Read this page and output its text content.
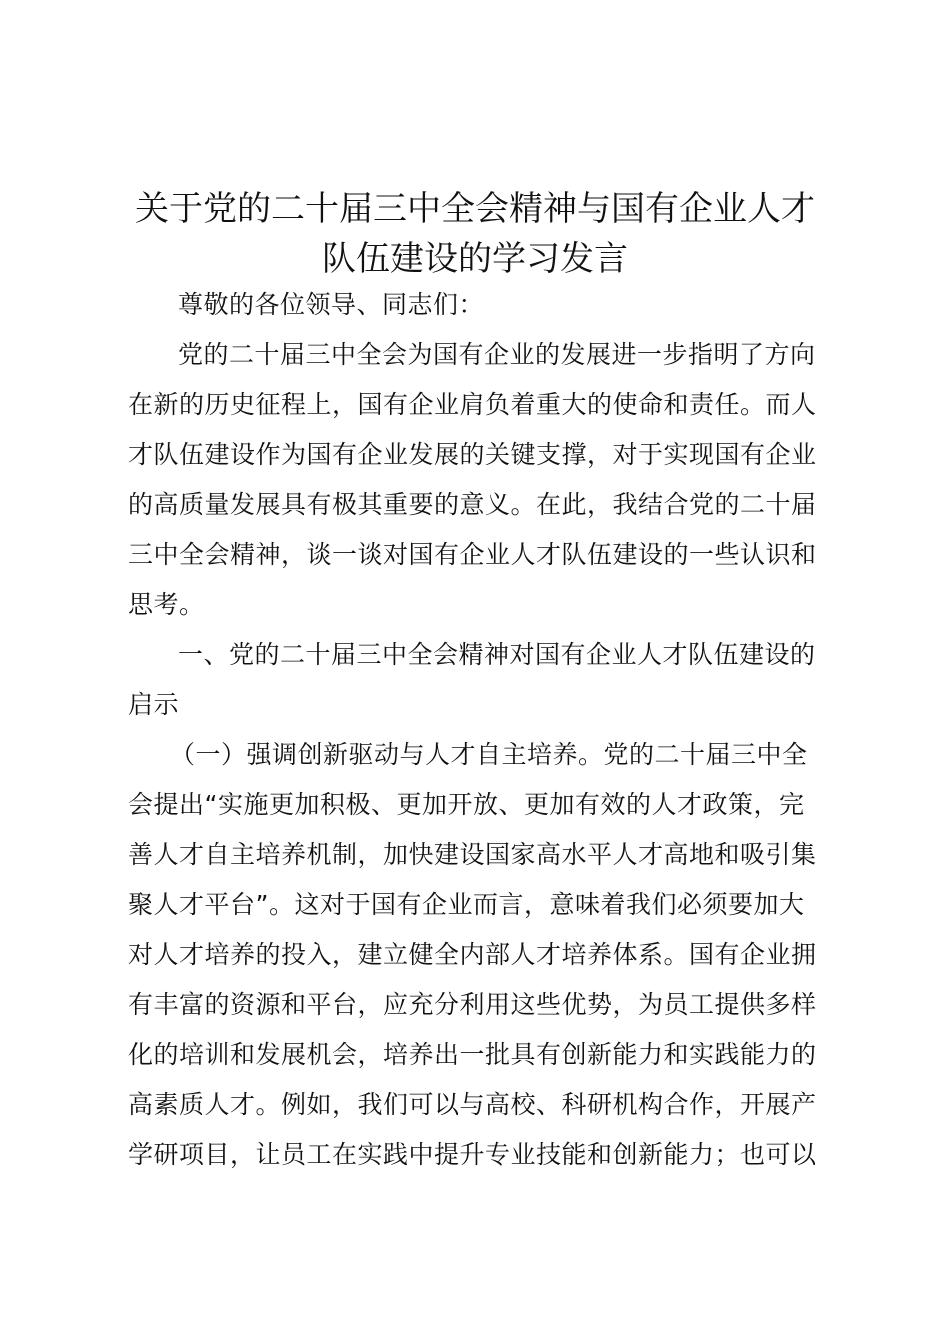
关于党的二十届三中全会精神与国有企业人才
队伍建设的学习发言
尊敬的各位领导、同志们：
党的二十届三中全会为国有企业的发展进一步指明了方向
在新的历史征程上，国有企业肩负着重大的使命和责任。而人
才队伍建设作为国有企业发展的关键支撑，对于实现国有企业
的高质量发展具有极其重要的意义。在此，我结合党的二十届
三中全会精神，谈一谈对国有企业人才队伍建设的一些认识和
思考。
一、党的二十届三中全会精神对国有企业人才队伍建设的
启示
（一）强调创新驱动与人才自主培养。党的二十届三中全
会提出“实施更加积极、更加开放、更加有效的人才政策，完
善人才自主培养机制，加快建设国家高水平人才高地和吸引集
聚人才平台”。这对于国有企业而言，意味着我们必须要加大
对人才培养的投入，建立健全内部人才培养体系。国有企业拥
有丰富的资源和平台，应充分利用这些优势，为员工提供多样
化的培训和发展机会，培养出一批具有创新能力和实践能力的
高素质人才。例如，我们可以与高校、科研机构合作，开展产
学研项目，让员工在实践中提升专业技能和创新能力；也可以
